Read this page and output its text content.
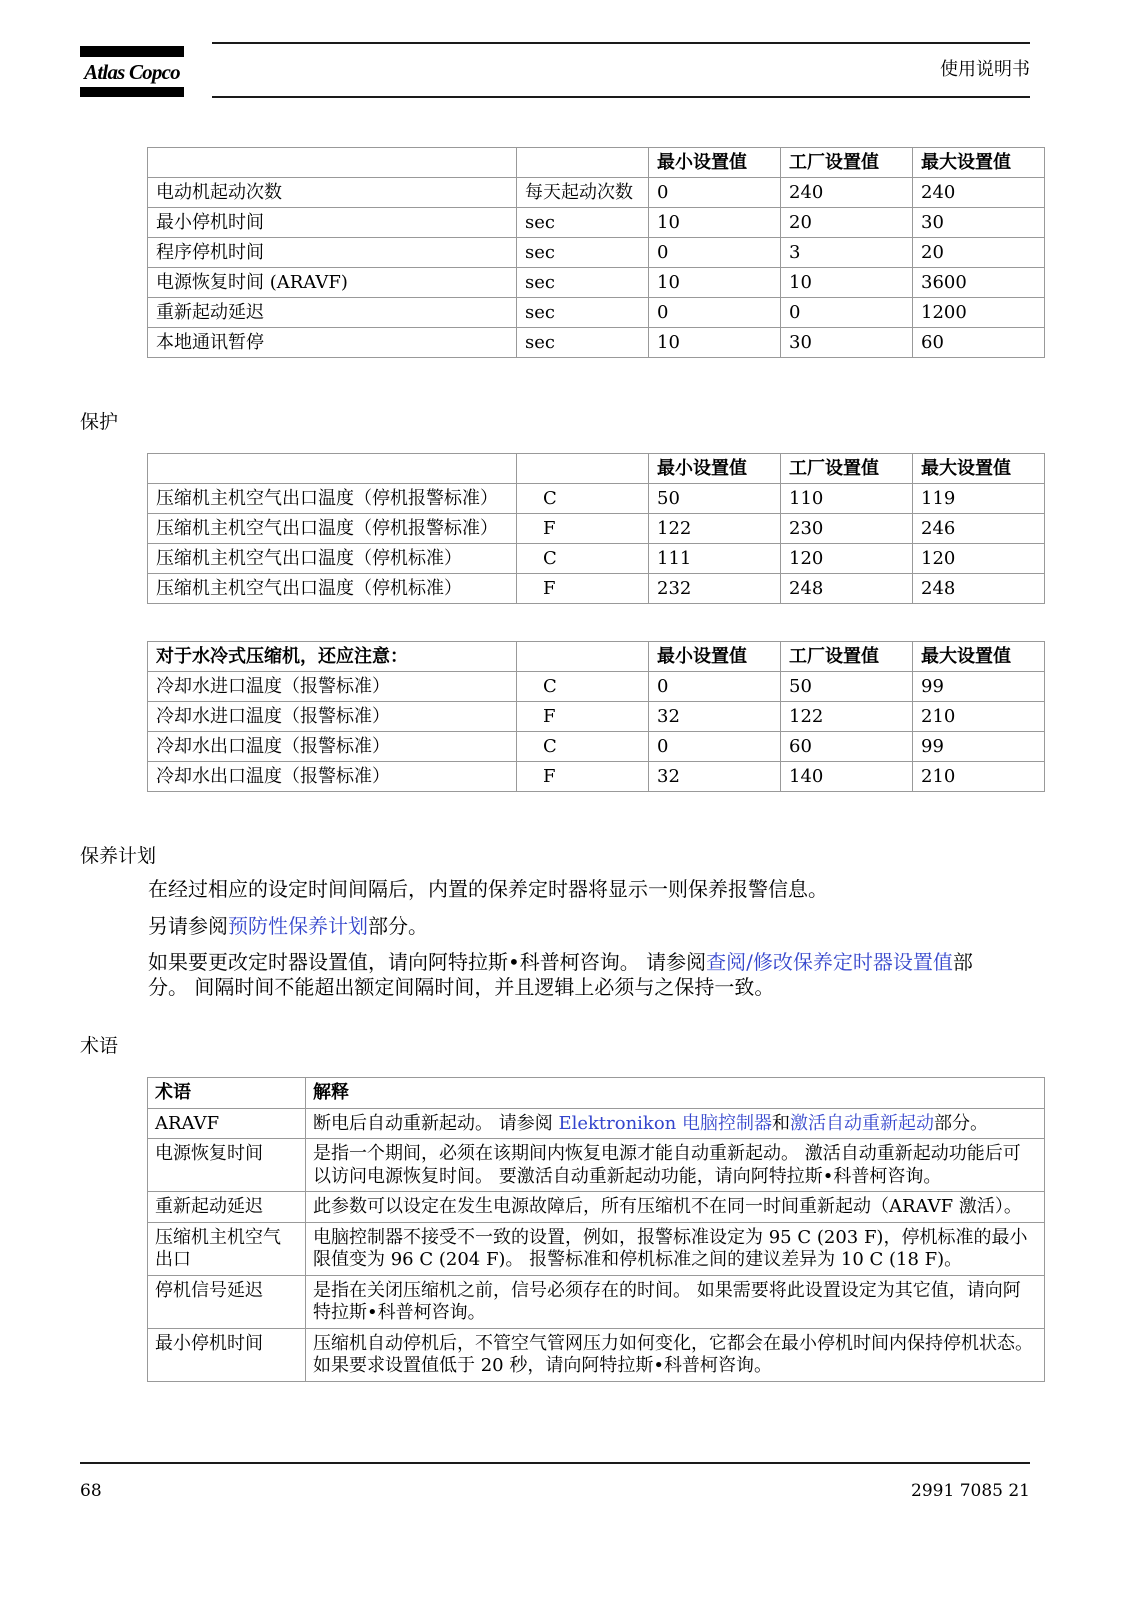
Atlas Copco	使用说明书
		最小设置值	工厂设置值	最大设置值
电动机起动次数	每天起动次数	0	240	240
最小停机时间	sec	10	20	30
程序停机时间	sec	0	3	20
电源恢复时间 (ARAVF)	sec	10	10	3600
重新起动延迟	sec	0	0	1200
本地通讯暂停	sec	10	30	60
保护
		最小设置值	工厂设置值	最大设置值
压缩机主机空气出口温度（停机报警标准）	C	50	110	119
压缩机主机空气出口温度（停机报警标准）	F	122	230	246
压缩机主机空气出口温度（停机标准）	C	111	120	120
压缩机主机空气出口温度（停机标准）	F	232	248	248
对于水冷式压缩机，还应注意：		最小设置值	工厂设置值	最大设置值
冷却水进口温度（报警标准）	C	0	50	99
冷却水进口温度（报警标准）	F	32	122	210
冷却水出口温度（报警标准）	C	0	60	99
冷却水出口温度（报警标准）	F	32	140	210
保养计划

在经过相应的设定时间间隔后，内置的保养定时器将显示一则保养报警信息。

另请参阅预防性保养计划部分。

如果要更改定时器设置值，请向阿特拉斯•科普柯咨询。 请参阅查阅/修改保养定时器设置值部分。 间隔时间不能超出额定间隔时间，并且逻辑上必须与之保持一致。

术语
术语	解释
ARAVF	断电后自动重新起动。 请参阅 Elektronikon 电脑控制器和激活自动重新起动部分。
电源恢复时间	是指一个期间，必须在该期间内恢复电源才能自动重新起动。 激活自动重新起动功能后可以访问电源恢复时间。 要激活自动重新起动功能，请向阿特拉斯•科普柯咨询。
重新起动延迟	此参数可以设定在发生电源故障后，所有压缩机不在同一时间重新起动（ARAVF 激活）。
压缩机主机空气出口	电脑控制器不接受不一致的设置，例如，报警标准设定为 95 C (203 F)，停机标准的最小限值变为 96 C (204 F)。 报警标准和停机标准之间的建议差异为 10 C (18 F)。
停机信号延迟	是指在关闭压缩机之前，信号必须存在的时间。 如果需要将此设置设定为其它值，请向阿特拉斯•科普柯咨询。
最小停机时间	压缩机自动停机后，不管空气管网压力如何变化，它都会在最小停机时间内保持停机状态。 如果要求设置值低于 20 秒，请向阿特拉斯•科普柯咨询。
68	2991 7085 21
